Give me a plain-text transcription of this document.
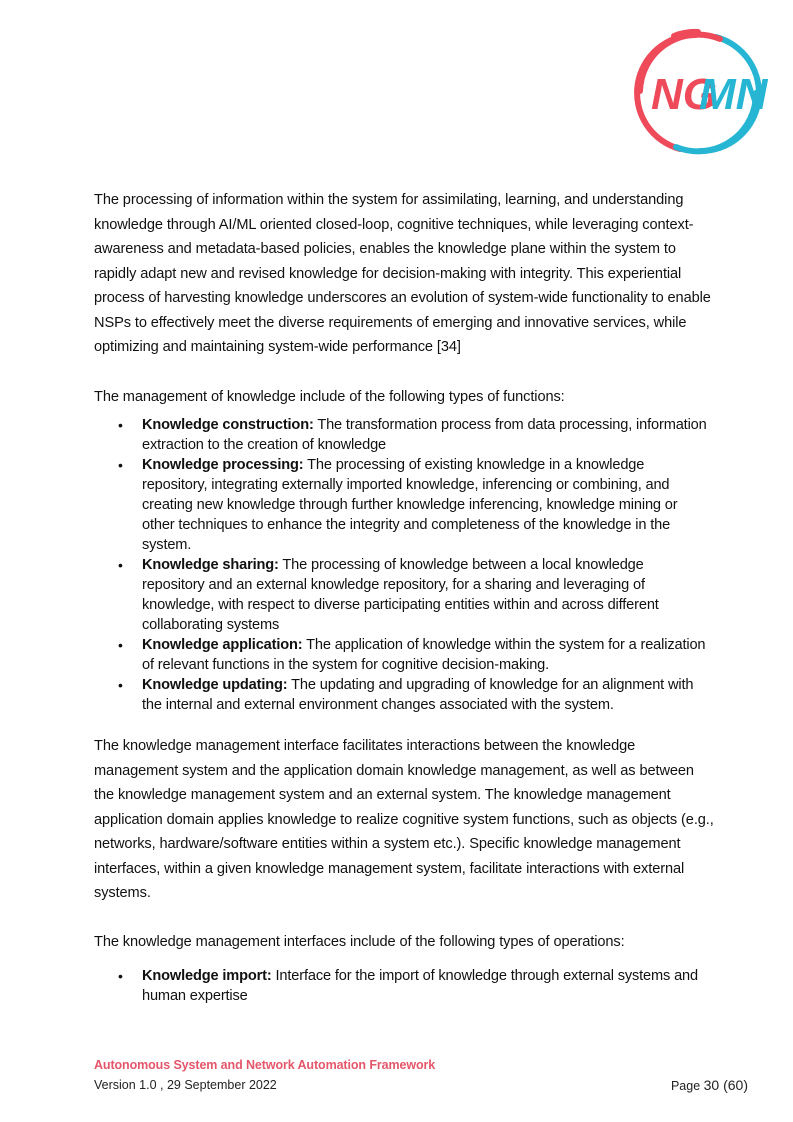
NG
MN

The processing of information within the system for assimilating, learning, and understanding knowledge through AI/ML oriented closed-loop, cognitive techniques, while leveraging context-awareness and metadata-based policies, enables the knowledge plane within the system to rapidly adapt new and revised knowledge for decision-making with integrity. This experiential process of harvesting knowledge underscores an evolution of system-wide functionality to enable NSPs to effectively meet the diverse requirements of emerging and innovative services, while optimizing and maintaining system-wide performance [34]

The management of knowledge include of the following types of functions:

• Knowledge construction: The transformation process from data processing, information extraction to the creation of knowledge
• Knowledge processing: The processing of existing knowledge in a knowledge repository, integrating externally imported knowledge, inferencing or combining, and creating new knowledge through further knowledge inferencing, knowledge mining or other techniques to enhance the integrity and completeness of the knowledge in the system.
• Knowledge sharing: The processing of knowledge between a local knowledge repository and an external knowledge repository, for a sharing and leveraging of knowledge, with respect to diverse participating entities within and across different collaborating systems
• Knowledge application: The application of knowledge within the system for a realization of relevant functions in the system for cognitive decision-making.
• Knowledge updating: The updating and upgrading of knowledge for an alignment with the internal and external environment changes associated with the system.

The knowledge management interface facilitates interactions between the knowledge management system and the application domain knowledge management, as well as between the knowledge management system and an external system. The knowledge management application domain applies knowledge to realize cognitive system functions, such as objects (e.g., networks, hardware/software entities within a system etc.). Specific knowledge management interfaces, within a given knowledge management system, facilitate interactions with external systems.

The knowledge management interfaces include of the following types of operations:

• Knowledge import: Interface for the import of knowledge through external systems and human expertise
Autonomous System and Network Automation Framework
Version 1.0 , 29 September 2022	Page 30 (60)
